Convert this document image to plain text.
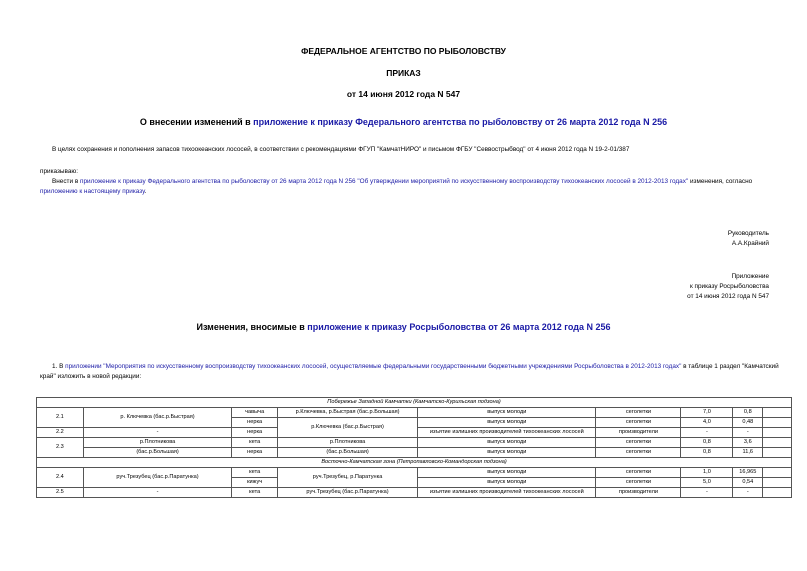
ФЕДЕРАЛЬНОЕ АГЕНТСТВО ПО РЫБОЛОВСТВУ
ПРИКАЗ
от 14 июня 2012 года N 547
О внесении изменений в приложение к приказу Федерального агентства по рыболовству от 26 марта 2012 года N 256
В целях сохранения и пополнения запасов тихоокеанских лососей, в соответствии с рекомендациями ФГУП "КамчатНИРО" и письмом ФГБУ "Севвострыбвод" от 4 июня 2012 года N 19-2-01/387
приказываю:
Внести в приложение к приказу Федерального агентства по рыболовству от 26 марта 2012 года N 256 "Об утверждении мероприятий по искусственному воспроизводству тихоокеанских лососей в 2012-2013 годах" изменения, согласно приложению к настоящему приказу.
Руководитель
А.А.Крайний
Приложение
к приказу Росрыболовства
от 14 июня 2012 года N 547
Изменения, вносимые в приложение к приказу Росрыболовства от 26 марта 2012 года N 256
1. В приложении "Мероприятия по искусственному воспроизводству тихоокеанских лососей, осуществляемые федеральными государственными бюджетными учреждениями Росрыболовства в 2012-2013 годах" в таблице 1 раздел "Камчатский край" изложить в новой редакции:
Побережье Западной Камчатки (Камчатско-Курильская подзона)								
2.1	р. Ключевка (бас.р.Быстрая)	чавыча	р.Ключевка, р.Быстрая (бас.р.Большая)	выпуск молоди	сеголетки	7,0	0,8	
		нерка	р.Ключевка (бас.р.Быстрая)	выпуск молоди	сеголетки	4,0	0,48	
2.2	-	нерка		изъятие излишних производителей тихоокеанских лососей	производители	-	-	
2.3	р.Плотникова	кета	р.Плотникова	выпуск молоди	сеголетки	0,8	3,6	
	(бас.р.Большая)	нерка	(бас.р.Большая)	выпуск молоди	сеголетки	0,8	11,6	
Восточно-Камчатская зона (Петропавловско-Командорская подзона)								
2.4	руч.Трезубец (бас.р.Паратунка)	кета	руч.Трезубец, р.Паратунка	выпуск молоди	сеголетки	1,0	16,965	
		кижуч		выпуск молоди	сеголетки	5,0	0,54	
2.5	-	кета	руч.Трезубец (бас.р.Паратунка)	изъятие излишних производителей тихоокеанских лососей	производители	-	-	
